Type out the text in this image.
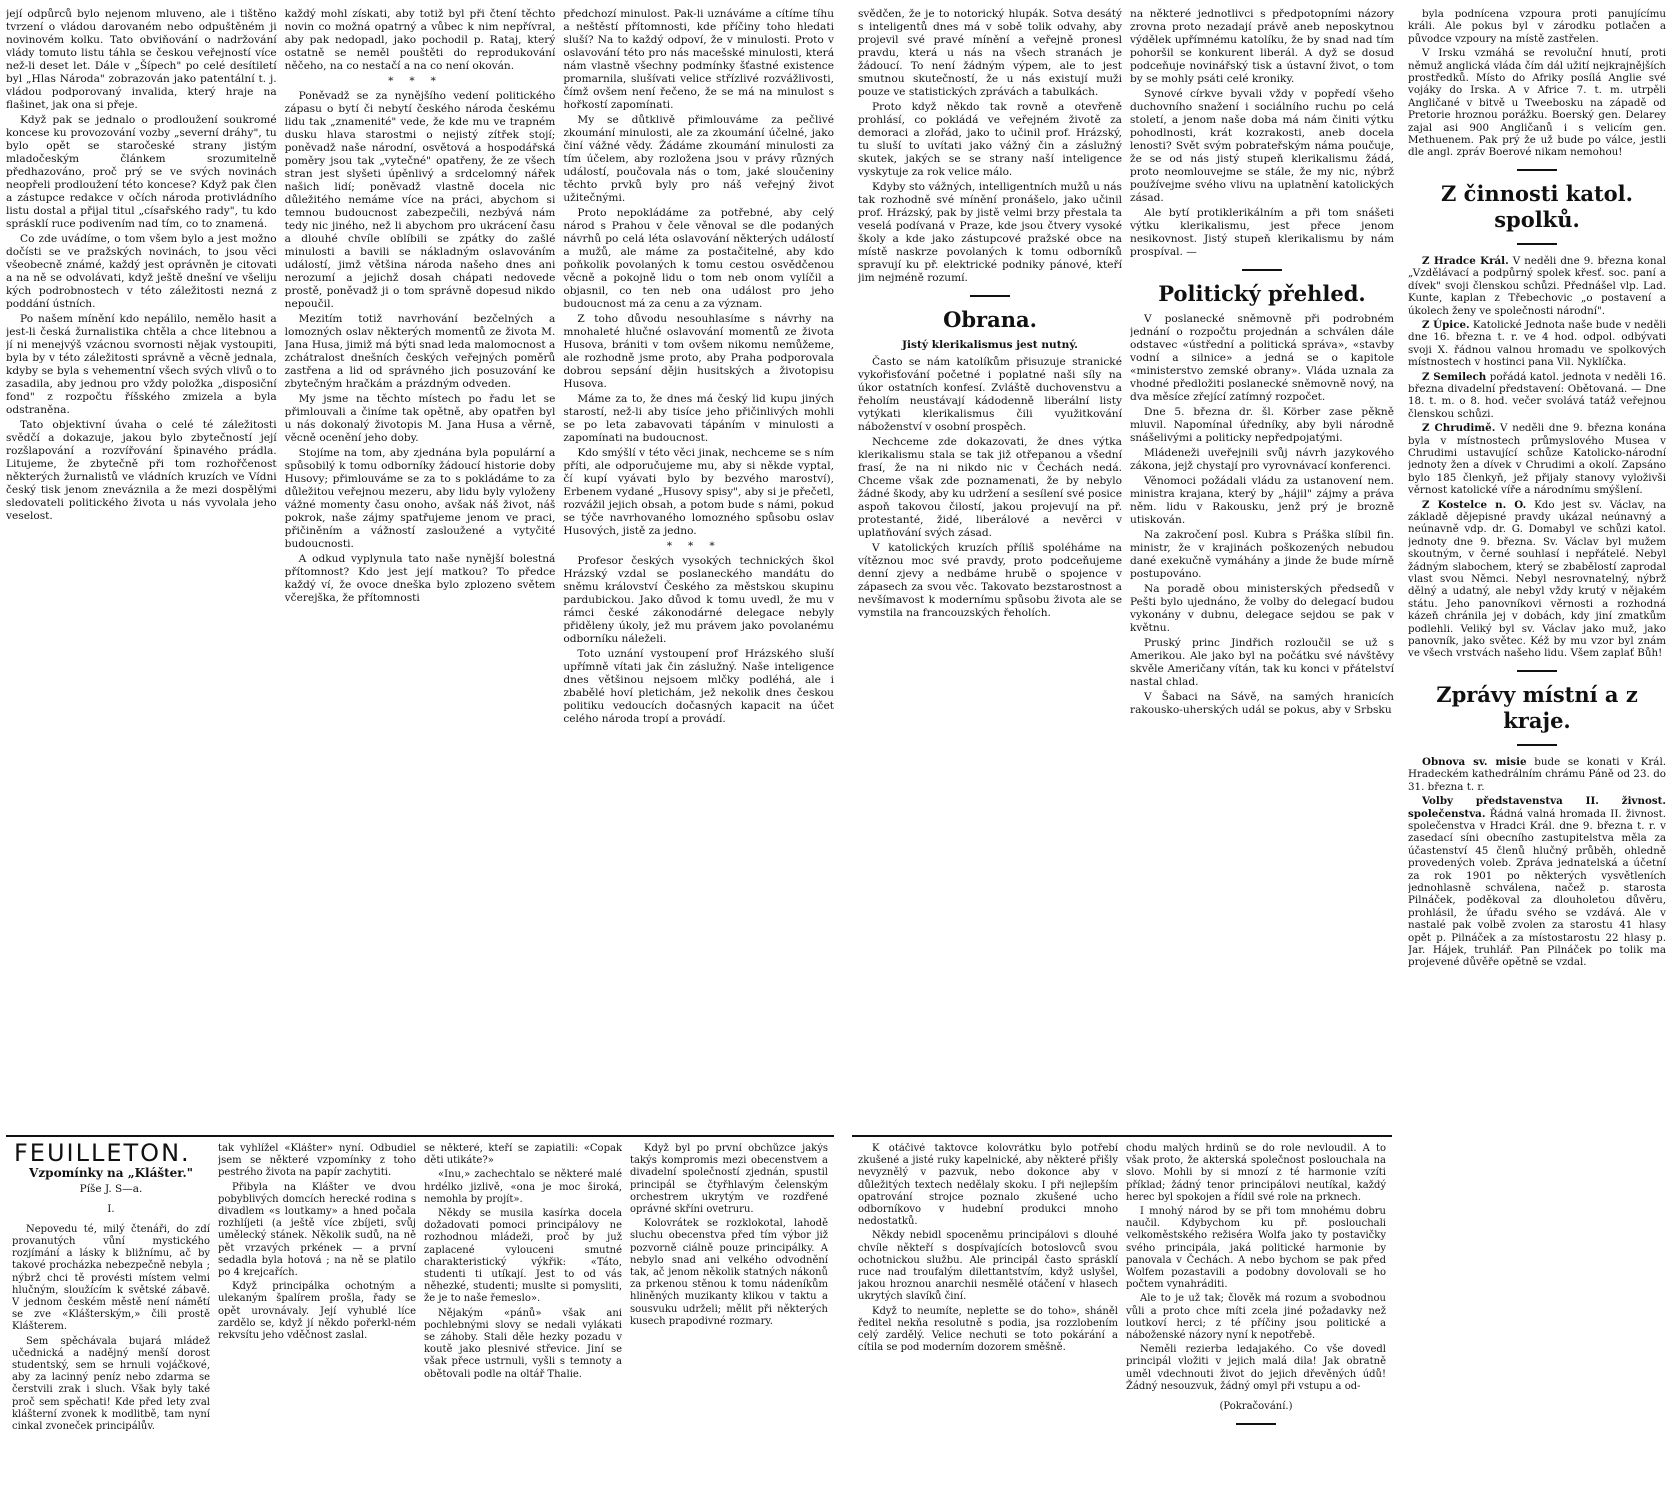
její odpůrců bylo nejenom mluveno, ale i tištěno tvrzení o vládou darovaném nebo odpuštěném ji novinovém kolku. Tato obviňování o nadržování vlády tomuto listu táhla se českou veřejností více než-li deset let. Dále v „Šípech" po celé desítiletí byl „Hlas Národa" zobrazován jako patentální t. j. vládou podporovaný invalida, který hraje na flašinet, jak ona si přeje.

Když pak se jednalo o prodloužení soukromé koncese ku provozování vozby „severní dráhy", tu bylo opět se staročeské strany jistým mladočeským článkem srozumitelně předhazováno, proč prý se ve svých novinách neopřeli prodloužení této koncese? Když pak člen a zástupce redakce v očích národa protivládního listu dostal a přijal titul „císařského rady", tu kdo sprásklí ruce podivením nad tím, co to znamená.

Co zde uvádíme, o tom všem bylo a jest možno dočísti se ve pražských novinách, to jsou věci všeobecně známé, každý jest oprávněn je citovati a na ně se odvolávati, když ještě dnešní ve všeliju kých podrobnostech v této záležitosti nezná z poddání ústních.

Po našem mínění kdo nepálilo, nemělo hasit a jest-li česká žurnalistika chtěla a chce litebnou a jí ni menejvýš vzácnou svornosti nějak vystoupiti, byla by v této záležitosti správně a věcně jednala, kdyby se byla s vehementní všech svých vlivů o to zasadila, aby jednou pro vždy položka „disposiční fond" z rozpočtu říšského zmizela a byla odstraněna.

Tato objektivní úvaha o celé té záležitosti svědčí a dokazuje, jakou bylo zbytečností její rozšlapování a rozvířování špinavého prádla. Litujeme, že zbytečně při tom rozhořčenost některých žurnalistů ve vládních kruzích ve Vídni český tisk jenom zneváznila a že mezi dospělými sledovateli politického života u nás vyvolala jeho veselost.

každý mohl získati, aby totiž byl při čtení těchto novin co možná opatrný a vůbec k nim nepřívral, aby pak nedopadl, jako pochodil p. Rataj, který ostatně se neměl pouštěti do reprodukování něčeho, na co nestačí a na co není okován.

***

Poněvadž se za nynějšího vedení politického zápasu o bytí či nebytí českého národa českému lidu tak „znamenité" vede, že kde mu ve trapném dusku hlava starostmi o nejistý zítřek stojí; poněvadž naše národní, osvětová a hospodářská poměry jsou tak „vytečné" opatřeny, že ze všech stran jest slyšeti úpěnlivý a srdcelomný nářek našich lidí; poněvadž vlastně docela nic důležitého nemáme více na práci, abychom si temnou budoucnost zabezpečili, nezbývá nám tedy nic jiného, než li abychom pro ukrácení času a dlouhé chvíle oblíbili se zpátky do zašlé minulosti a bavili se nákladným oslavováním událostí, jimž většina národa našeho dnes ani nerozumí a jejichž dosah chápati nedovede prostě, poněvadž ji o tom správně dopesud nikdo nepoučil.

Mezitím totiž navrhování bezčelných a lomozných oslav některých momentů ze života M. Jana Husa, jimiž má býti snad leda malomocnost a zchátralost dnešních českých veřejných poměrů zastřena a lid od správného jich posuzování ke zbytečným hračkám a prázdným odveden.

My jsme na těchto místech po řadu let se přimlouvali a činíme tak opětně, aby opatřen byl u nás dokonalý životopis M. Jana Husa a věrně, věcně ocenění jeho doby.

Stojíme na tom, aby zjednána byla populární a spůsobilý k tomu odborníky žádoucí historie doby Husovy; přimlouváme se za to s pokládáme to za důležitou veřejnou mezeru, aby lidu byly vyloženy vážné momenty času onoho, avšak náš život, náš pokrok, naše zájmy spatřujeme jenom ve praci, přičiněním a vážností zasloužené a vytyčité budoucnosti.

A odkud vyplynula tato naše nynější bolestná přítomnost? Kdo jest její matkou? To předce každý ví, že ovoce dneška bylo zplozeno světem včerejška, že přítomnosti

předchozí minulost. Pak-li uznáváme a cítíme tíhu a neštěstí přítomnosti, kde příčiny toho hledati sluší? Na to každý odpoví, že v minulosti. Proto v oslavování této pro nás macešské minulosti, která nám vlastně všechny podmínky šťastné existence promarnila, slušívati velice střízlivé rozvážlivosti, čímž ovšem není řečeno, že se má na minulost s hořkostí zapomínati.

My se důtklivě přimlouváme za pečlivé zkoumání minulosti, ale za zkoumání účelné, jako činí vážné vědy. Žádáme zkoumání minulosti za tím účelem, aby rozložena jsou v právy různých událostí, poučovala nás o tom, jaké sloučeniny těchto prvků byly pro náš veřejný život užitečnými.

Proto nepokládáme za potřebné, aby celý národ s Prahou v čele věnoval se dle podaných návrhů po celá léta oslavování některých událostí a mužů, ale máme za postačitelné, aby kdo poňkolik povolaných k tomu cestou osvědčenou věcně a pokojně lidu o tom neb onom vylíčil a objasnil, co ten neb ona událost pro jeho budoucnost má za cenu a za význam.

Z toho důvodu nesouhlasíme s návrhy na mnohaleté hlučné oslavování momentů ze života Husova, brániti v tom ovšem nikomu nemůžeme, ale rozhodně jsme proto, aby Praha podporovala dobrou sepsání dějin husitských a životopisu Husova.

Máme za to, že dnes má český lid kupu jiných starostí, než-li aby tisíce jeho přičinlivých mohli se po leta zabavovati tápáním v minulosti a zapomínati na budoucnost.

Kdo smýšlí v této věci jinak, nechceme se s ním příti, ale odporučujeme mu, aby si někde vyptal, čí kupí vyávati bylo by bezvého maroství), Erbenem vydané „Husovy spisy", aby si je přečetl, rozvážil jejich obsah, a potom bude s námi, pokud se týče navrhovaného lomozného spůsobu oslav Husových, jistě za jedno.

***

Profesor českých vysokých technických škol Hrázský vzdal se poslaneckého mandátu do sněmu království Českého za městskou skupinu pardubickou. Jako důvod k tomu uvedl, že mu v rámci české zákonodárné delegace nebyly přiděleny úkoly, jež mu právem jako povolanému odborníku náleželi.

Toto uznání vystoupení prof Hrázského sluší upřímně vítati jak čin záslužný. Naše inteligence dnes většinou nejsoem mlčky podléhá, ale i zbabělé hoví pletichám, jež nekolik dnes českou politiku vedoucích dočasných kapacit na účet celého národa tropí a provádí.

FEUILLETON.
Vzpomínky na „Klášter."
Píše J. S—a.
I.

Nepovedu té, milý čtenáři, do zdí provanutých vůní mystického rozjímání a lásky k bližnímu, ač by takové procházka nebezpečně nebyla ; nýbrž chci tě provésti místem velmi hlučným, sloužícím k světské zábavě. V jednom českém městě není námětí se zve «Klášterským,» čili prostě Klášterem.

Sem spěchávala bujará mládež učednická a nadějný menší dorost studentský, sem se hrnuli vojáčkové, aby za lacinný peníz nebo zdarma se čerstvili zrak i sluch. Však byly také proč sem spěchati! Kde před lety zval klášterní zvonek k modlitbě, tam nyní cinkal zvoneček principálův.

tak vyhlížel «Klášter» nyní. Odbudiel jsem se některé vzpomínky z toho pestrého života na papír zachytiti.

Přibyla na Klášter ve dvou pobyblivých domcích herecké rodina s divadlem «s loutkamy» a hned počala rozhlíjeti (a ještě více zbíjeti, svůj umělecký stánek. Několik sudů, na ně pět vrzavých prkének — a první sedadla byla hotová ; na ně se platilo po 4 krejcařích.

Když principálka ochotným a ulekaným špalírem prošla, řady se opět urovnávaly. Její vyhublé líce zardělo se, když jí někdo pořerkl-ném rekvsítu jeho vděčnost zaslal.

se některé, kteří se zapiatili: «Copak děti utikáte?»

«Inu,» zachechtalo se některé malé hrdélko jizlivě, «ona je moc široká, nemohla by projít».

Někdy se musila kasírka docela dožadovati pomoci principálovy ne rozhodnou mládeži, proč by juž zaplacené vylouceni smutné charakteristický výkřik: «Táto, studenti ti utíkají. Jest to od vás něhezké, studenti; muslte si pomysliti, že je to naše řemeslo».

Nějakým «pánů» však ani pochlebnými slovy se nedali vylákati se záhoby. Stali děle hezky pozadu v koutě jako plesnivé střevice. Jiní se však přece ustrnuli, vyšli s temnoty a obětovali podle na oltář Thalie.

Když byl po první obchůzce jakýs takýs kompromis mezi obecenstvem a divadelní společností zjednán, spustil principál se čtyřhlavým čelenským orchestrem ukrytým ve rozdřené oprávné skříni ovetruru.

Kolovrátek se rozklokotal, lahodě sluchu obecenstva před tím výbor již pozvorně ciálně pouze principálky. A nebylo snad ani velkého odvodnění tak, ač jenom několik statných nákonů za prkenou stěnou k tomu nádeníkům hliněných muzikanty klikou v taktu a sousvuku udrželi; mělit při některých kusech prapodivné rozmary.

svědčen, že je to notorický hlupák. Sotva desátý s inteligentů dnes má v sobě tolik odvahy, aby projevil své pravé mínění a veřejně pronesl pravdu, která u nás na všech stranách je žádoucí. To není žádným výpem, ale to jest smutnou skutečností, že u nás existují muži pouze ve statistických zprávách a tabulkách.

Proto když někdo tak rovně a otevřeně prohlásí, co pokládá ve veřejném životě za demoraci a zlořád, jako to učinil prof. Hrázský, tu sluší to uvítati jako vážný čin a záslužný skutek, jakých se se strany naší inteligence vyskytuje za rok velice málo.

Kdyby sto vážných, intelligentních mužů u nás tak rozhodně své mínění pronášelo, jako učinil prof. Hrázský, pak by jistě velmi brzy přestala ta veselá podívaná v Praze, kde jsou čtvery vysoké školy a kde jako zástupcové pražské obce na místě naskrze povolaných k tomu odborníků spravují ku př. elektrické podniky pánové, kteří jim nejméně rozumí.

Obrana.
Jistý klerikalismus jest nutný.

Často se nám katolíkům přisuzuje stranické vykořisťování početné i poplatné naši síly na úkor ostatních konfesí. Zvláště duchovenstvu a řeholím neustávají kádodenně liberální listy vytýkati klerikalismus čili využitkování náboženství v osobní prospěch.

Nechceme zde dokazovati, že dnes výtka klerikalismu stala se tak již otřepanou a všední frasí, že na ni nikdo nic v Čechách nedá. Chceme však zde poznamenati, že by nebylo žádné škody, aby ku udržení a sesílení své posice aspoň takovou čilostí, jakou projevují na př. protestanté, židé, liberálové a nevěrci v uplatňování svých zásad.

V katolických kruzích příliš spoléháme na vítěznou moc své pravdy, proto podceňujeme denní zjevy a nedbáme hrubě o spojence v zápasech za svou věc. Takovato bezstarostnost a nevšímavost k modernímu spůsobu života ale se vymstila na francouzských řeholích.

na některé jednotlivci s předpotopními názory zrovna proto nezadají právě aneb neposkytnou výdělek upřímnému katolíku, že by snad nad tím pohoršil se konkurent liberál. A dyž se dosud podceňuje novinářský tisk a ústavní život, o tom by se mohly psáti celé kroniky.

Synové církve byvali vždy v popředí všeho duchovního snažení i sociálního ruchu po celá století, a jenom naše doba má nám činiti výtku pohodlnosti, krát kozrakosti, aneb docela lenosti? Svět svým pobrateřským náma poučuje, že se od nás jistý stupeň klerikalismu žádá, proto neomlouvejme se stále, že my nic, nýbrž používejme svého vlivu na uplatnění katolických zásad.

Ale bytí protiklerikálním a při tom snášeti výtku klerikalismu, jest přece jenom nesikovnost. Jistý stupeň klerikalismu by nám prospíval. —

Politický přehled.

V poslanecké sněmovně při podrobném jednání o rozpočtu projednán a schválen dále odstavec «ústřední a politická správa», «stavby vodní a silnice» a jedná se o kapitole «ministerstvo zemské obrany». Vláda uznala za vhodné předložiti poslanecké sněmovně nový, na dva měsíce zřející zatímný rozpočet.

Dne 5. března dr. šl. Körber zase pěkně mluvil. Napomínal úředníky, aby byli národně snášelivými a politicky nepředpojatými.

Mládeneži uveřejnili svůj návrh jazykového zákona, jejž chystají pro vyrovnávací konferenci.

Věnomoci požádali vládu za ustanovení nem. ministra krajana, který by „hájil" zájmy a práva něm. lidu v Rakousku, jenž prý je brozně utiskován.

Na zakročení posl. Kubra s Práška slíbil fin. ministr, že v krajinách poškozených nebudou dané exekučně vymáhány a jinde že bude mírně postupováno.

Na poradě obou ministerských předsedů v Pešti bylo ujednáno, že volby do delegací budou vykonány v dubnu, delegace sejdou se pak v květnu.

Pruský princ Jindřich rozloučil se už s Amerikou. Ale jako byl na počátku své návštěvy skvěle Američany vítán, tak ku konci v přátelství nastal chlad.

V Šabaci na Sávě, na samých hranicích rakousko-uherských udál se pokus, aby v Srbsku

K otáčivé taktovce kolovrátku bylo potřebí zkušené a jisté ruky kapelnické, aby některé přišly nevyznělý v pazvuk, nebo dokonce aby v důležitých textech nedělaly skoku. I při nejlepším opatrování strojce poznalo zkušené ucho odborníkovo v hudební produkci mnoho nedostatků.

Někdy nebidl spoceněmu principálovi s dlouhé chvíle někteří s dospívajících botoslovců svou ochotnickou službu. Ale principál často sprásklí ruce nad troufalým dilettantstvím, když uslyšel, jakou hroznou anarchii nesmělé otáčení v hlasech ukrytých slavíků činí.

Když to neumíte, neplette se do toho», sháněl ředitel nekňa resolutně s podia, jsa rozzlobením celý zardělý. Velice nechuti se toto pokárání a cítila se pod moderním dozorem směšně.

chodu malých hrdinů se do role nevloudil. A to však proto, že akterská společnost poslouchala na slovo. Mohli by si mnozí z té harmonie vzíti příklad; žádný tenor principálovi neutíkal, každý herec byl spokojen a řídil své role na prknech.

I mnohý národ by se při tom mnohému dobru naučil. Kdybychom ku př. poslouchali velkoměstského režiséra Wolfa jako ty postavičky svého principála, jaká politické harmonie by panovala v Čechách. A nebo bychom se pak před Wolfem pozastavili a podobny dovolovali se ho počtem vynahráditi.

Ale to je už tak; člověk má rozum a svobodnou vůli a proto chce míti zcela jiné požadavky než loutkoví herci; z té příčiny jsou politické a náboženské názory nyní k nepotřebě.

Neměli rezierba ledajakého. Co vše dovedl principál vložiti v jejich malá dila! Jak obratně uměl vdechnouti život do jejich dřevěných údů! Žádný nesouzvuk, žádný omyl při vstupu a od-

(Pokračování.)

byla podnícena vzpoura proti panujícímu králi. Ale pokus byl v zárodku potlačen a původce vzpoury na místě zastřelen.

V Irsku vzmáhá se revoluční hnutí, proti němuž anglická vláda čím dál užití nejkrajnějších prostředků. Místo do Afriky posílá Anglie své vojáky do Irska. A v Africe 7. t. m. utrpěli Angličané v bitvě u Tweebosku na západě od Pretorie hroznou porážku. Boerský gen. Delarey zajal asi 900 Angličanů i s velicím gen. Methuenem. Pak prý že už bude po válce, jestli dle angl. zpráv Boerové nikam nemohou!

Z činnosti katol. spolků.

Z Hradce Král. V neděli dne 9. března konal „Vzdělávací a podpůrný spolek křesť. soc. paní a dívek" svoji členskou schůzi. Přednášel vlp. Lad. Kunte, kaplan z Třebechovic „o postavení a úkolech ženy ve společnosti národní".

Z Úpice. Katolické Jednota naše bude v neděli dne 16. března t. r. ve 4 hod. odpol. odbývati svoji X. řádnou valnou hromadu ve spolkových místnostech v hostinci pana Vil. Nyklíčka.

Z Semilech pořádá katol. jednota v neděli 16. března divadelní představení: Obětovaná. — Dne 18. t. m. o 8. hod. večer svolává tatáž veřejnou členskou schůzi.

Z Chrudimě. V neděli dne 9. března konána byla v místnostech průmyslového Musea v Chrudimi ustavující schůze Katolicko-národní jednoty žen a dívek v Chrudimi a okolí. Zapsáno bylo 185 členkyň, jež přijaly stanovy vyloživši věrnost katolické víře a národnímu smýšlení.

Z Kostelce n. O. Kdo jest sv. Václav, na základě dějepisné pravdy ukázal neúnavný a neúnavně vdp. dr. G. Domabyl ve schůzi katol. jednoty dne 9. března. Sv. Václav byl mužem skoutným, v černé souhlasí i nepřátelé. Nebyl žádným slabochem, který se zbabělostí zaprodal vlast svou Němci. Nebyl nesrovnatelný, nýbrž dělný a udatný, ale nebyl vždy krutý v nějakém státu. Jeho panovníkovi věrnosti a rozhodná kázeň chránila jej v dobách, kdy jiní zmatkům podlehli. Veliký byl sv. Václav jako muž, jako panovník, jako světec. Kéž by mu vzor byl znám ve všech vrstvách našeho lidu. Všem zaplať Bůh!

Zprávy místní a z kraje.

Obnova sv. misie bude se konati v Král. Hradeckém kathedrálním chrámu Páně od 23. do 31. března t. r.

Volby představenstva II. živnost. společenstva. Řádná valná hromada II. živnost. společenstva v Hradci Král. dne 9. března t. r. v zasedací síni obecního zastupitelstva měla za účastenství 45 členů hlučný průběh, ohledně provedených voleb. Zpráva jednatelská a účetní za rok 1901 po některých vysvětleních jednohlasně schválena, načež p. starosta Pilnáček, poděkoval za dlouholetou důvěru, prohlásil, že úřadu svého se vzdává. Ale v nastalé pak volbě zvolen za starostu 41 hlasy opět p. Pilnáček a za místostarostu 22 hlasy p. Jar. Hájek, truhlář. Pan Pilnáček po tolik ma projevené důvěře opětně se vzdal.
